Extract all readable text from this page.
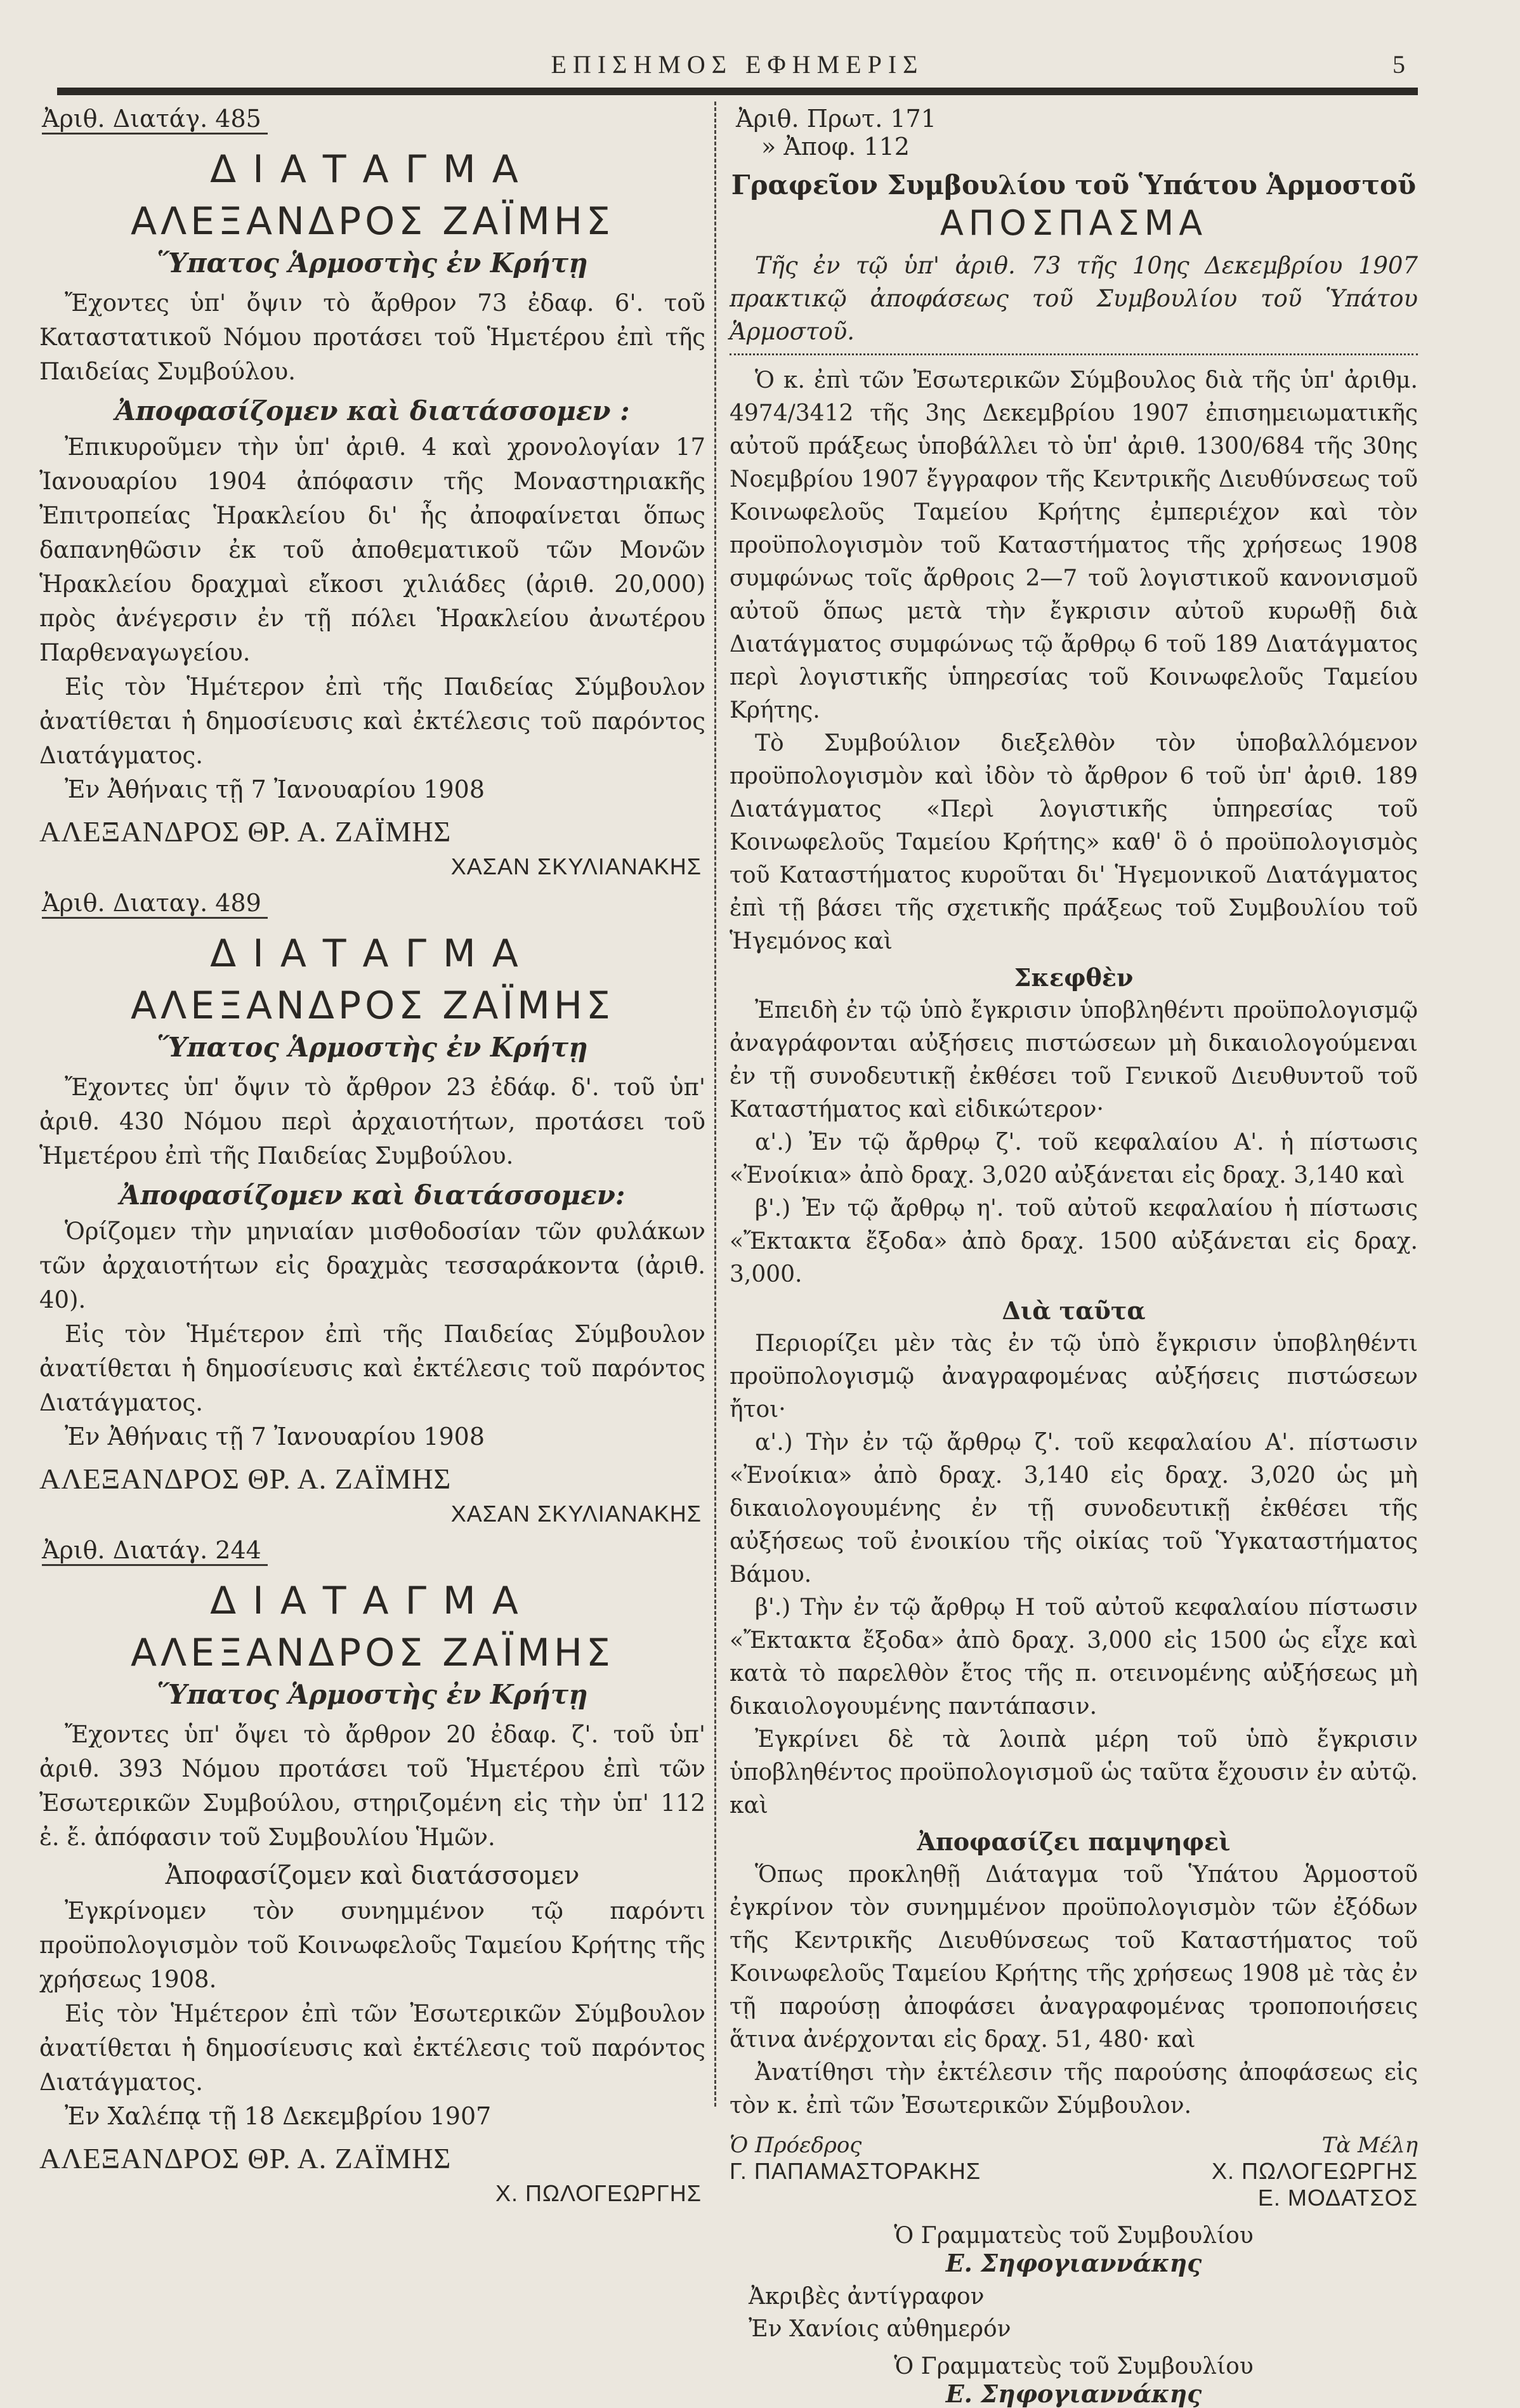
ΕΠΙΣΗΜΟΣ ΕΦΗΜΕΡΙΣ	5
Ἀριθ. Διατάγ. 485
ΔΙΑΤΑΓΜΑ
ΑΛΕΞΑΝΔΡΟΣ ΖΑΪΜΗΣ
Ὕπατος Ἁρμοστὴς ἐν Κρήτῃ

Ἔχοντες ὑπ' ὄψιν τὸ ἄρθρον 73 ἐδαφ. 6'. τοῦ Καταστατικοῦ Νόμου προτάσει τοῦ Ἡμετέρου ἐπὶ τῆς Παιδείας Συμβούλου.

Ἀποφασίζομεν καὶ διατάσσομεν :

Ἐπικυροῦμεν τὴν ὑπ' ἀριθ. 4 καὶ χρονολογίαν 17 Ἰανουαρίου 1904 ἀπόφασιν τῆς Μοναστηριακῆς Ἐπιτροπείας Ἡρακλείου δι' ἧς ἀποφαίνεται ὅπως δαπανηθῶσιν ἐκ τοῦ ἀποθεματικοῦ τῶν Μονῶν Ἡρακλείου δραχμαὶ εἴκοσι χιλιάδες (ἀριθ. 20,000) πρὸς ἀνέγερσιν ἐν τῇ πόλει Ἡρακλείου ἀνωτέρου Παρθεναγωγείου.

Εἰς τὸν Ἡμέτερον ἐπὶ τῆς Παιδείας Σύμβουλον ἀνατίθεται ἡ δημοσίευσις καὶ ἐκτέλεσις τοῦ παρόντος Διατάγματος.

Ἐν Ἀθήναις τῇ 7 Ἰανουαρίου 1908
ΑΛΕΞΑΝΔΡΟΣ ΘΡ. Α. ΖΑΪΜΗΣ
ΧΑΣΑΝ ΣΚΥΛΙΑΝΑΚΗΣ
Ἀριθ. Διαταγ. 489
ΔΙΑΤΑΓΜΑ
ΑΛΕΞΑΝΔΡΟΣ ΖΑΪΜΗΣ
Ὕπατος Ἁρμοστὴς ἐν Κρήτῃ

Ἔχοντες ὑπ' ὄψιν τὸ ἄρθρον 23 ἐδάφ. δ'. τοῦ ὑπ' ἀριθ. 430 Νόμου περὶ ἀρχαιοτήτων, προτάσει τοῦ Ἡμετέρου ἐπὶ τῆς Παιδείας Συμβούλου.

Ἀποφασίζομεν καὶ διατάσσομεν:

Ὁρίζομεν τὴν μηνιαίαν μισθοδοσίαν τῶν φυλάκων τῶν ἀρχαιοτήτων εἰς δραχμὰς τεσσαράκοντα (ἀριθ. 40).

Εἰς τὸν Ἡμέτερον ἐπὶ τῆς Παιδείας Σύμβουλον ἀνατίθεται ἡ δημοσίευσις καὶ ἐκτέλεσις τοῦ παρόντος Διατάγματος.

Ἐν Ἀθήναις τῇ 7 Ἰανουαρίου 1908
ΑΛΕΞΑΝΔΡΟΣ ΘΡ. Α. ΖΑΪΜΗΣ
ΧΑΣΑΝ ΣΚΥΛΙΑΝΑΚΗΣ
Ἀριθ. Διατάγ. 244
ΔΙΑΤΑΓΜΑ
ΑΛΕΞΑΝΔΡΟΣ ΖΑΪΜΗΣ
Ὕπατος Ἁρμοστὴς ἐν Κρήτῃ

Ἔχοντες ὑπ' ὄψει τὸ ἄρθρον 20 ἐδαφ. ζ'. τοῦ ὑπ' ἀριθ. 393 Νόμου προτάσει τοῦ Ἡμετέρου ἐπὶ τῶν Ἐσωτερικῶν Συμβούλου, στηριζομένη εἰς τὴν ὑπ' 112 ἐ. ἔ. ἀπόφασιν τοῦ Συμβουλίου Ἡμῶν.

Ἀποφασίζομεν καὶ διατάσσομεν

Ἐγκρίνομεν τὸν συνημμένον τῷ παρόντι προϋπολογισμὸν τοῦ Κοινωφελοῦς Ταμείου Κρήτης τῆς χρήσεως 1908.

Εἰς τὸν Ἡμέτερον ἐπὶ τῶν Ἐσωτερικῶν Σύμβουλον ἀνατίθεται ἡ δημοσίευσις καὶ ἐκτέλεσις τοῦ παρόντος Διατάγματος.

Ἐν Χαλέπᾳ τῇ 18 Δεκεμβρίου 1907
ΑΛΕΞΑΝΔΡΟΣ ΘΡ. Α. ΖΑΪΜΗΣ
Χ. ΠΩΛΟΓΕΩΡΓΗΣ
Ἀριθ. Πρωτ. 171
» Ἀποφ. 112
Γραφεῖον Συμβουλίου τοῦ Ὑπάτου Ἁρμοστοῦ
ΑΠΟΣΠΑΣΜΑ

Τῆς ἐν τῷ ὑπ' ἀριθ. 73 τῆς 10ης Δεκεμβρίου 1907 πρακτικῷ ἀποφάσεως τοῦ Συμβουλίου τοῦ Ὑπάτου Ἁρμοστοῦ.

Ὁ κ. ἐπὶ τῶν Ἐσωτερικῶν Σύμβουλος διὰ τῆς ὑπ' ἀριθμ. 4974/3412 τῆς 3ης Δεκεμβρίου 1907 ἐπισημειωματικῆς αὐτοῦ πράξεως ὑποβάλλει τὸ ὑπ' ἀριθ. 1300/684 τῆς 30ης Νοεμβρίου 1907 ἔγγραφον τῆς Κεντρικῆς Διευθύνσεως τοῦ Κοινωφελοῦς Ταμείου Κρήτης ἐμπεριέχον καὶ τὸν προϋπολογισμὸν τοῦ Καταστήματος τῆς χρήσεως 1908 συμφώνως τοῖς ἄρθροις 2—7 τοῦ λογιστικοῦ κανονισμοῦ αὐτοῦ ὅπως μετὰ τὴν ἔγκρισιν αὐτοῦ κυρωθῇ διὰ Διατάγματος συμφώνως τῷ ἄρθρῳ 6 τοῦ 189 Διατάγματος περὶ λογιστικῆς ὑπηρεσίας τοῦ Κοινωφελοῦς Ταμείου Κρήτης.

Τὸ Συμβούλιον διεξελθὸν τὸν ὑποβαλλόμενον προϋπολογισμὸν καὶ ἰδὸν τὸ ἄρθρον 6 τοῦ ὑπ' ἀριθ. 189 Διατάγματος «Περὶ λογιστικῆς ὑπηρεσίας τοῦ Κοινωφελοῦς Ταμείου Κρήτης» καθ' ὃ ὁ προϋπολογισμὸς τοῦ Καταστήματος κυροῦται δι' Ἡγεμονικοῦ Διατάγματος ἐπὶ τῇ βάσει τῆς σχετικῆς πράξεως τοῦ Συμβουλίου τοῦ Ἡγεμόνος καὶ

Σκεφθὲν

Ἐπειδὴ ἐν τῷ ὑπὸ ἔγκρισιν ὑποβληθέντι προϋπολογισμῷ ἀναγράφονται αὐξήσεις πιστώσεων μὴ δικαιολογούμεναι ἐν τῇ συνοδευτικῇ ἐκθέσει τοῦ Γενικοῦ Διευθυντοῦ τοῦ Καταστήματος καὶ εἰδικώτερον·

α'.) Ἐν τῷ ἄρθρῳ ζ'. τοῦ κεφαλαίου Α'. ἡ πίστωσις «Ἐνοίκια» ἀπὸ δραχ. 3,020 αὐξάνεται εἰς δραχ. 3,140 καὶ

β'.) Ἐν τῷ ἄρθρῳ η'. τοῦ αὐτοῦ κεφαλαίου ἡ πίστωσις «Ἔκτακτα ἔξοδα» ἀπὸ δραχ. 1500 αὐξάνεται εἰς δραχ. 3,000.

Διὰ ταῦτα

Περιορίζει μὲν τὰς ἐν τῷ ὑπὸ ἔγκρισιν ὑποβληθέντι προϋπολογισμῷ ἀναγραφομένας αὐξήσεις πιστώσεων ἤτοι·

α'.) Τὴν ἐν τῷ ἄρθρῳ ζ'. τοῦ κεφαλαίου Α'. πίστωσιν «Ἐνοίκια» ἀπὸ δραχ. 3,140 εἰς δραχ. 3,020 ὡς μὴ δικαιολογουμένης ἐν τῇ συνοδευτικῇ ἐκθέσει τῆς αὐξήσεως τοῦ ἐνοικίου τῆς οἰκίας τοῦ Ὑγκαταστήματος Βάμου.

β'.) Τὴν ἐν τῷ ἄρθρῳ Η τοῦ αὐτοῦ κεφαλαίου πίστωσιν «Ἔκτακτα ἔξοδα» ἀπὸ δραχ. 3,000 εἰς 1500 ὡς εἶχε καὶ κατὰ τὸ παρελθὸν ἔτος τῆς π. οτεινομένης αὐξήσεως μὴ δικαιολογουμένης παντάπασιν.

Ἐγκρίνει δὲ τὰ λοιπὰ μέρη τοῦ ὑπὸ ἔγκρισιν ὑποβληθέντος προϋπολογισμοῦ ὡς ταῦτα ἔχουσιν ἐν αὐτῷ. καὶ

Ἀποφασίζει παμψηφεὶ

Ὅπως προκληθῇ Διάταγμα τοῦ Ὑπάτου Ἁρμοστοῦ ἐγκρίνον τὸν συνημμένον προϋπολογισμὸν τῶν ἐξόδων τῆς Κεντρικῆς Διευθύνσεως τοῦ Καταστήματος τοῦ Κοινωφελοῦς Ταμείου Κρήτης τῆς χρήσεως 1908 μὲ τὰς ἐν τῇ παρούσῃ ἀποφάσει ἀναγραφομένας τροποποιήσεις ἅτινα ἀνέρχονται εἰς δραχ. 51, 480· καὶ

Ἀνατίθησι τὴν ἐκτέλεσιν τῆς παρούσης ἀποφάσεως εἰς τὸν κ. ἐπὶ τῶν Ἐσωτερικῶν Σύμβουλον.

Ὁ Πρόεδρος
Γ. ΠΑΠΑΜΑΣΤΟΡΑΚΗΣ
Τὰ Μέλη
Χ. ΠΩΛΟΓΕΩΡΓΗΣ
Ε. ΜΟΔΑΤΣΟΣ
Ὁ Γραμματεὺς τοῦ Συμβουλίου
Ε. Σηφογιαννάκης
Ἀκριβὲς ἀντίγραφον
Ἐν Χανίοις αὐθημερόν
Ὁ Γραμματεὺς τοῦ Συμβουλίου
Ε. Σηφογιαννάκης
